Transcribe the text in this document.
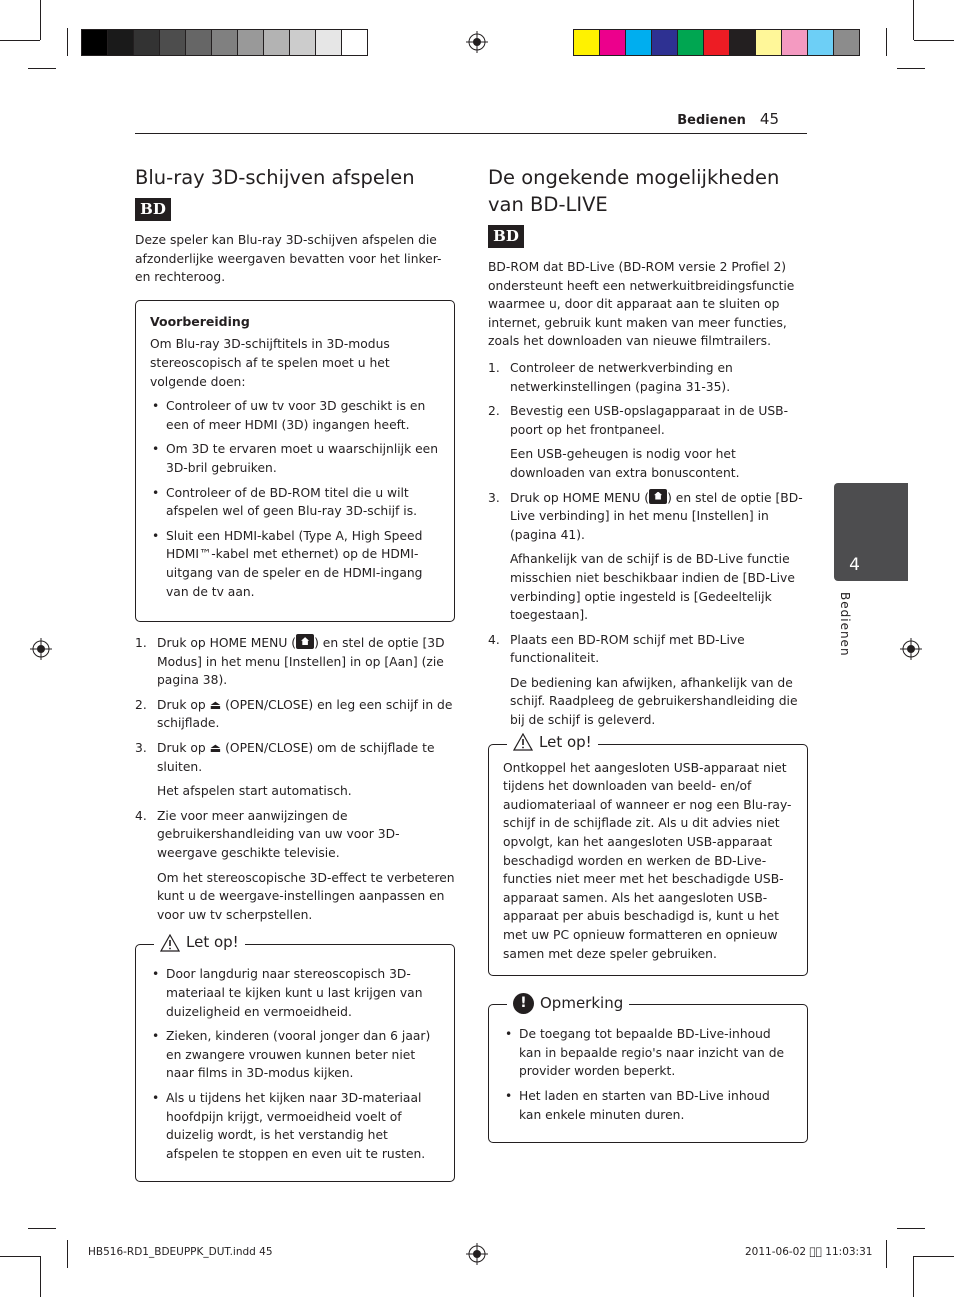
Bedienen 45
4
Bedienen
Blu-ray 3D-schijven afspelen
BD

Deze speler kan Blu-ray 3D-schijven afspelen die afzonderlijke weergaven bevatten voor het linker- en rechteroog.

Voorbereiding

Om Blu-ray 3D-schijftitels in 3D-modus stereoscopisch af te spelen moet u het volgende doen:

• Controleer of uw tv voor 3D geschikt is en een of meer HDMI (3D) ingangen heeft.
• Om 3D te ervaren moet u waarschijnlijk een 3D-bril gebruiken.
• Controleer of de BD-ROM titel die u wilt afspelen wel of geen Blu-ray 3D-schijf is.
• Sluit een HDMI-kabel (Type A, High Speed HDMI™-kabel met ethernet) op de HDMI-uitgang van de speler en de HDMI-ingang van de tv aan.
1. Druk op HOME MENU ( ) en stel de optie [3D Modus] in het menu [Instellen] in op [Aan] (zie pagina 38).
2. Druk op ⏏ (OPEN/CLOSE) en leg een schijf in de schijflade.
3. Druk op ⏏ (OPEN/CLOSE) om de schijflade te sluiten.
Het afspelen start automatisch.
4. Zie voor meer aanwijzingen de gebruikershandleiding van uw voor 3D-weergave geschikte televisie.
Om het stereoscopische 3D-effect te verbeteren kunt u de weergave-instellingen aanpassen en voor uw tv scherpstellen.
Let op!
• Door langdurig naar stereoscopisch 3D-materiaal te kijken kunt u last krijgen van duizeligheid en vermoeidheid.
• Zieken, kinderen (vooral jonger dan 6 jaar) en zwangere vrouwen kunnen beter niet naar films in 3D-modus kijken.
• Als u tijdens het kijken naar 3D-materiaal hoofdpijn krijgt, vermoeidheid voelt of duizelig wordt, is het verstandig het afspelen te stoppen en even uit te rusten.
De ongekende mogelijkheden van BD-LIVE
BD

BD-ROM dat BD-Live (BD-ROM versie 2 Profiel 2) ondersteunt heeft een netwerkuitbreidingsfunctie waarmee u, door dit apparaat aan te sluiten op internet, gebruik kunt maken van meer functies, zoals het downloaden van nieuwe filmtrailers.

1. Controleer de netwerkverbinding en netwerkinstellingen (pagina 31-35).
2. Bevestig een USB-opslagapparaat in de USB-poort op het frontpaneel.
Een USB-geheugen is nodig voor het downloaden van extra bonuscontent.
3. Druk op HOME MENU ( ) en stel de optie [BD-Live verbinding] in het menu [Instellen] in (pagina 41).
Afhankelijk van de schijf is de BD-Live functie misschien niet beschikbaar indien de [BD-Live verbinding] optie ingesteld is [Gedeeltelijk toegestaan].
4. Plaats een BD-ROM schijf met BD-Live functionaliteit.
De bediening kan afwijken, afhankelijk van de schijf. Raadpleeg de gebruikershandleiding die bij de schijf is geleverd.
Let op!

Ontkoppel het aangesloten USB-apparaat niet tijdens het downloaden van beeld- en/of audiomateriaal of wanneer er nog een Blu-ray-schijf in de schijflade zit. Als u dit advies niet opvolgt, kan het aangesloten USB-apparaat beschadigd worden en werken de BD-Live-functies niet meer met het beschadigde USB-apparaat samen. Als het aangesloten USB-apparaat per abuis beschadigd is, kunt u het met uw PC opnieuw formatteren en opnieuw samen met deze speler gebruiken.

! Opmerking
• De toegang tot bepaalde BD-Live-inhoud kan in bepaalde regio's naar inzicht van de provider worden beperkt.
• Het laden en starten van BD-Live inhoud kan enkele minuten duren.
HB516-RD1_BDEUPPK_DUT.indd 45	2011-06-02 ￿￿ 11:03:31
